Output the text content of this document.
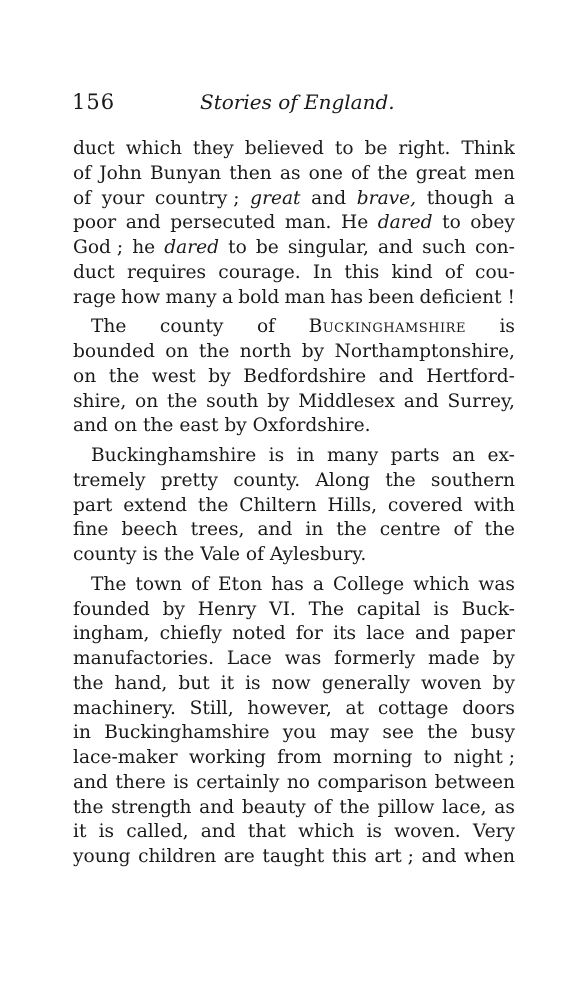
156	Stories of England.
duct which they believed to be right. Think
of John Bunyan then as one of the great men
of your country ; great and brave, though a
poor and persecuted man. He dared to obey
God ; he dared to be singular, and such con-
duct requires courage. In this kind of cou-
rage how many a bold man has been deficient !
The county of Buckinghamshire is
bounded on the north by Northamptonshire,
on the west by Bedfordshire and Hertford-
shire, on the south by Middlesex and Surrey,
and on the east by Oxfordshire.
Buckinghamshire is in many parts an ex-
tremely pretty county. Along the southern
part extend the Chiltern Hills, covered with
fine beech trees, and in the centre of the
county is the Vale of Aylesbury.
The town of Eton has a College which was
founded by Henry VI. The capital is Buck-
ingham, chiefly noted for its lace and paper
manufactories. Lace was formerly made by
the hand, but it is now generally woven by
machinery. Still, however, at cottage doors
in Buckinghamshire you may see the busy
lace-maker working from morning to night ;
and there is certainly no comparison between
the strength and beauty of the pillow lace, as
it is called, and that which is woven. Very
young children are taught this art ; and when
